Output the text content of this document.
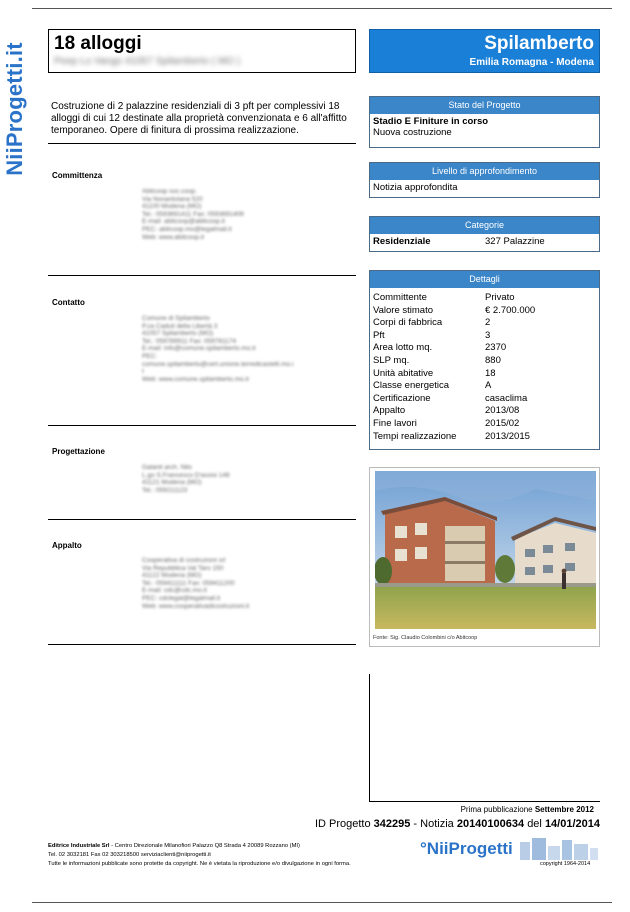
NiiProgetti.it 18 alloggi
Peep Lo Vango 41057 Spilamberto ( MO )
Spilamberto
Emilia Romagna - Modena
Costruzione di 2 palazzine residenziali di 3 pft per complessivi 18 alloggi di cui 12 destinate alla proprietà convenzionata e 6 all'affitto temporaneo. Opere di finitura di prossima realizzazione.
Committenza
Abitcoop soc.coop.
Via Nonantolana 520
41100 Modena (MO)
Tel.: 0593691411 Fax: 0593691409
E-mail: abitcoop@abitcoop.it
PEC: abitcoop.mo@legalmail.it
Web: www.abitcoop.it
Contatto
Comune di Spilamberto
P.za Caduti della Libertà 3
41057 Spilamberto (MO)
Tel.: 059789911 Fax: 059781174
E-mail: info@comune.spilamberto.mo.it
PEC:
comune.spilamberto@cert.unione.terredicastelli.mo.i
t
Web: www.comune.spilamberto.mo.it
Progettazione
Galanti arch. Nilo
L.go S.Francesco D'assisi 148
41121 Modena (MO)
Tel.: 059211123
Appalto
Cooperativa di costruzioni srl
Via Repubblica Val Taro 150
41122 Modena (MO)
Tel.: 059411111 Fax: 059411200
E-mail: cdc@cdc.mo.it
PEC: cdclegal@legalmail.it
Web: www.cooperativadicostruzioni.it
Stato del Progetto
Stadio E Finiture in corso
Nuova costruzione
Livello di approfondimento
Notizia approfondita
Categorie
Residenziale	327 Palazzine
Dettagli
Committente	Privato
Valore stimato	€ 2.700.000
Corpi di fabbrica	2
Pft	3
Area lotto mq.	2370
SLP mq.	880
Unità abitative	18
Classe energetica	A
Certificazione	casaclima
Appalto	2013/08
Fine lavori	2015/02
Tempi realizzazione	2013/2015
Fonte: Sig. Claudio Colombini c/o Abitcoop
Prima pubblicazione Settembre 2012
ID Progetto 342295 - Notizia 20140100634 del 14/01/2014
Editrice Industriale Srl - Centro Direzionale Milanofiori Palazzo Q8 Strada 4 20089 Rozzano (MI)
Tel. 02 3032181 Fax 02 303218500 serviziaclienti@niiprogetti.it
Tutte le informazioni pubblicate sono protette da copyright. Ne è vietata la riproduzione e/o divulgazione in ogni forma.
°NiiProgetti
copyright 1964-2014
